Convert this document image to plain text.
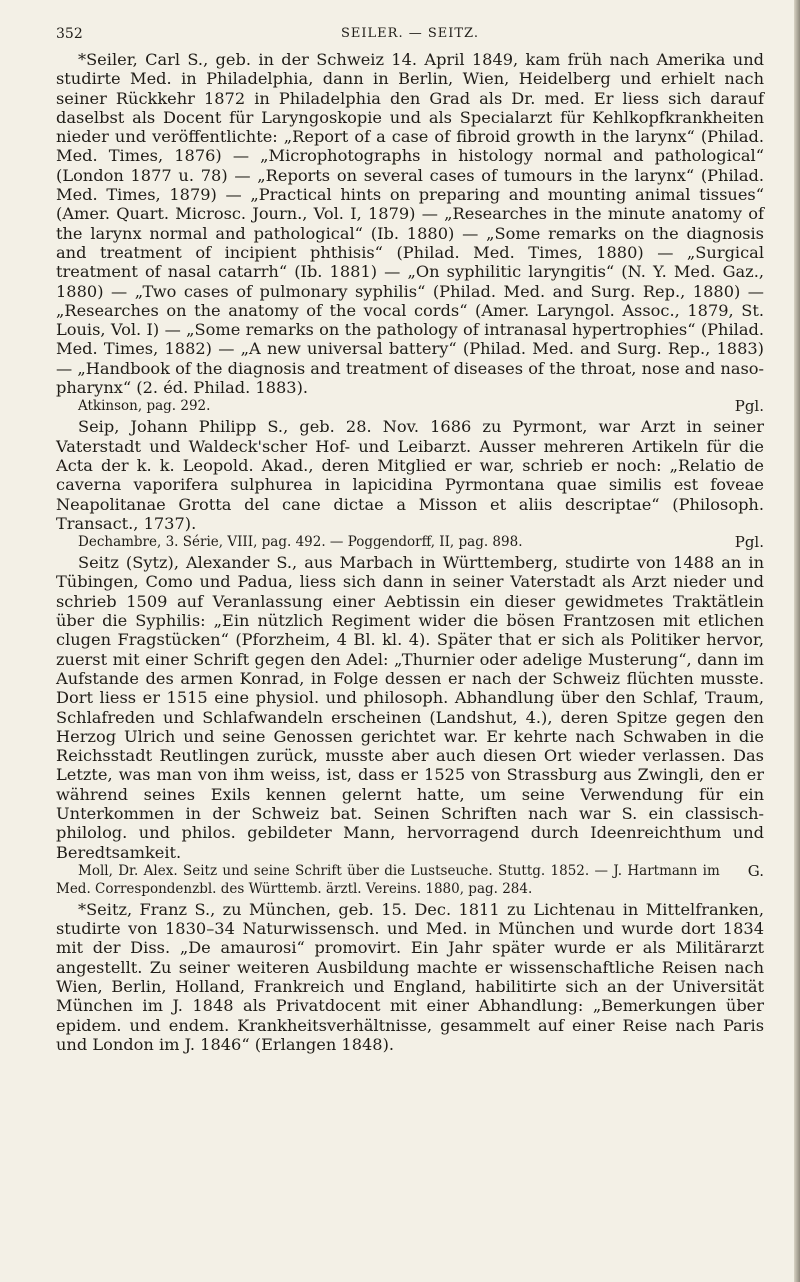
352	SEILER. — SEITZ.

*Seiler, Carl S., geb. in der Schweiz 14. April 1849, kam früh nach Amerika und studirte Med. in Philadelphia, dann in Berlin, Wien, Heidelberg und erhielt nach seiner Rückkehr 1872 in Philadelphia den Grad als Dr. med. Er liess sich darauf daselbst als Docent für Laryngoskopie und als Specialarzt für Kehlkopfkrankheiten nieder und veröffentlichte: „Report of a case of fibroid growth in the larynx“ (Philad. Med. Times, 1876) — „Microphotographs in histology normal and pathological“ (London 1877 u. 78) — „Reports on several cases of tumours in the larynx“ (Philad. Med. Times, 1879) — „Practical hints on preparing and mounting animal tissues“ (Amer. Quart. Microsc. Journ., Vol. I, 1879) — „Researches in the minute anatomy of the larynx normal and pathological“ (Ib. 1880) — „Some remarks on the diagnosis and treatment of incipient phthisis“ (Philad. Med. Times, 1880) — „Surgical treatment of nasal catarrh“ (Ib. 1881) — „On syphilitic laryngitis“ (N. Y. Med. Gaz., 1880) — „Two cases of pulmonary syphilis“ (Philad. Med. and Surg. Rep., 1880) — „Researches on the anatomy of the vocal cords“ (Amer. Laryngol. Assoc., 1879, St. Louis, Vol. I) — „Some remarks on the pathology of intranasal hypertrophies“ (Philad. Med. Times, 1882) — „A new universal battery“ (Philad. Med. and Surg. Rep., 1883) — „Handbook of the diagnosis and treatment of diseases of the throat, nose and naso-pharynx“ (2. éd. Philad. 1883).

Pgl.
Atkinson, pag. 292.

Seip, Johann Philipp S., geb. 28. Nov. 1686 zu Pyrmont, war Arzt in seiner Vaterstadt und Waldeck'scher Hof- und Leibarzt. Ausser mehreren Artikeln für die Acta der k. k. Leopold. Akad., deren Mitglied er war, schrieb er noch: „Relatio de caverna vaporifera sulphurea in lapicidina Pyrmontana quae similis est foveae Neapolitanae Grotta del cane dictae a Misson et aliis descriptae“ (Philosoph. Transact., 1737).

Pgl.
Dechambre, 3. Série, VIII, pag. 492. — Poggendorff, II, pag. 898.

Seitz (Sytz), Alexander S., aus Marbach in Württemberg, studirte von 1488 an in Tübingen, Como und Padua, liess sich dann in seiner Vaterstadt als Arzt nieder und schrieb 1509 auf Veranlassung einer Aebtissin ein dieser gewidmetes Traktätlein über die Syphilis: „Ein nützlich Regiment wider die bösen Frantzosen mit etlichen clugen Fragstücken“ (Pforzheim, 4 Bl. kl. 4). Später that er sich als Politiker hervor, zuerst mit einer Schrift gegen den Adel: „Thurnier oder adelige Musterung“, dann im Aufstande des armen Konrad, in Folge dessen er nach der Schweiz flüchten musste. Dort liess er 1515 eine physiol. und philosoph. Abhandlung über den Schlaf, Traum, Schlafreden und Schlafwandeln erscheinen (Landshut, 4.), deren Spitze gegen den Herzog Ulrich und seine Genossen gerichtet war. Er kehrte nach Schwaben in die Reichsstadt Reutlingen zurück, musste aber auch diesen Ort wieder verlassen. Das Letzte, was man von ihm weiss, ist, dass er 1525 von Strassburg aus Zwingli, den er während seines Exils kennen gelernt hatte, um seine Verwendung für ein Unterkommen in der Schweiz bat. Seinen Schriften nach war S. ein classisch-philolog. und philos. gebildeter Mann, hervorragend durch Ideenreichthum und Beredtsamkeit.

G.
Moll, Dr. Alex. Seitz und seine Schrift über die Lustseuche. Stuttg. 1852. — J. Hartmann im Med. Correspondenzbl. des Württemb. ärztl. Vereins. 1880, pag. 284.

*Seitz, Franz S., zu München, geb. 15. Dec. 1811 zu Lichtenau in Mittelfranken, studirte von 1830–34 Naturwissensch. und Med. in München und wurde dort 1834 mit der Diss. „De amaurosi“ promovirt. Ein Jahr später wurde er als Militärarzt angestellt. Zu seiner weiteren Ausbildung machte er wissenschaftliche Reisen nach Wien, Berlin, Holland, Frankreich und England, habilitirte sich an der Universität München im J. 1848 als Privatdocent mit einer Abhandlung: „Bemerkungen über epidem. und endem. Krankheitsverhältnisse, gesammelt auf einer Reise nach Paris und London im J. 1846“ (Erlangen 1848).
